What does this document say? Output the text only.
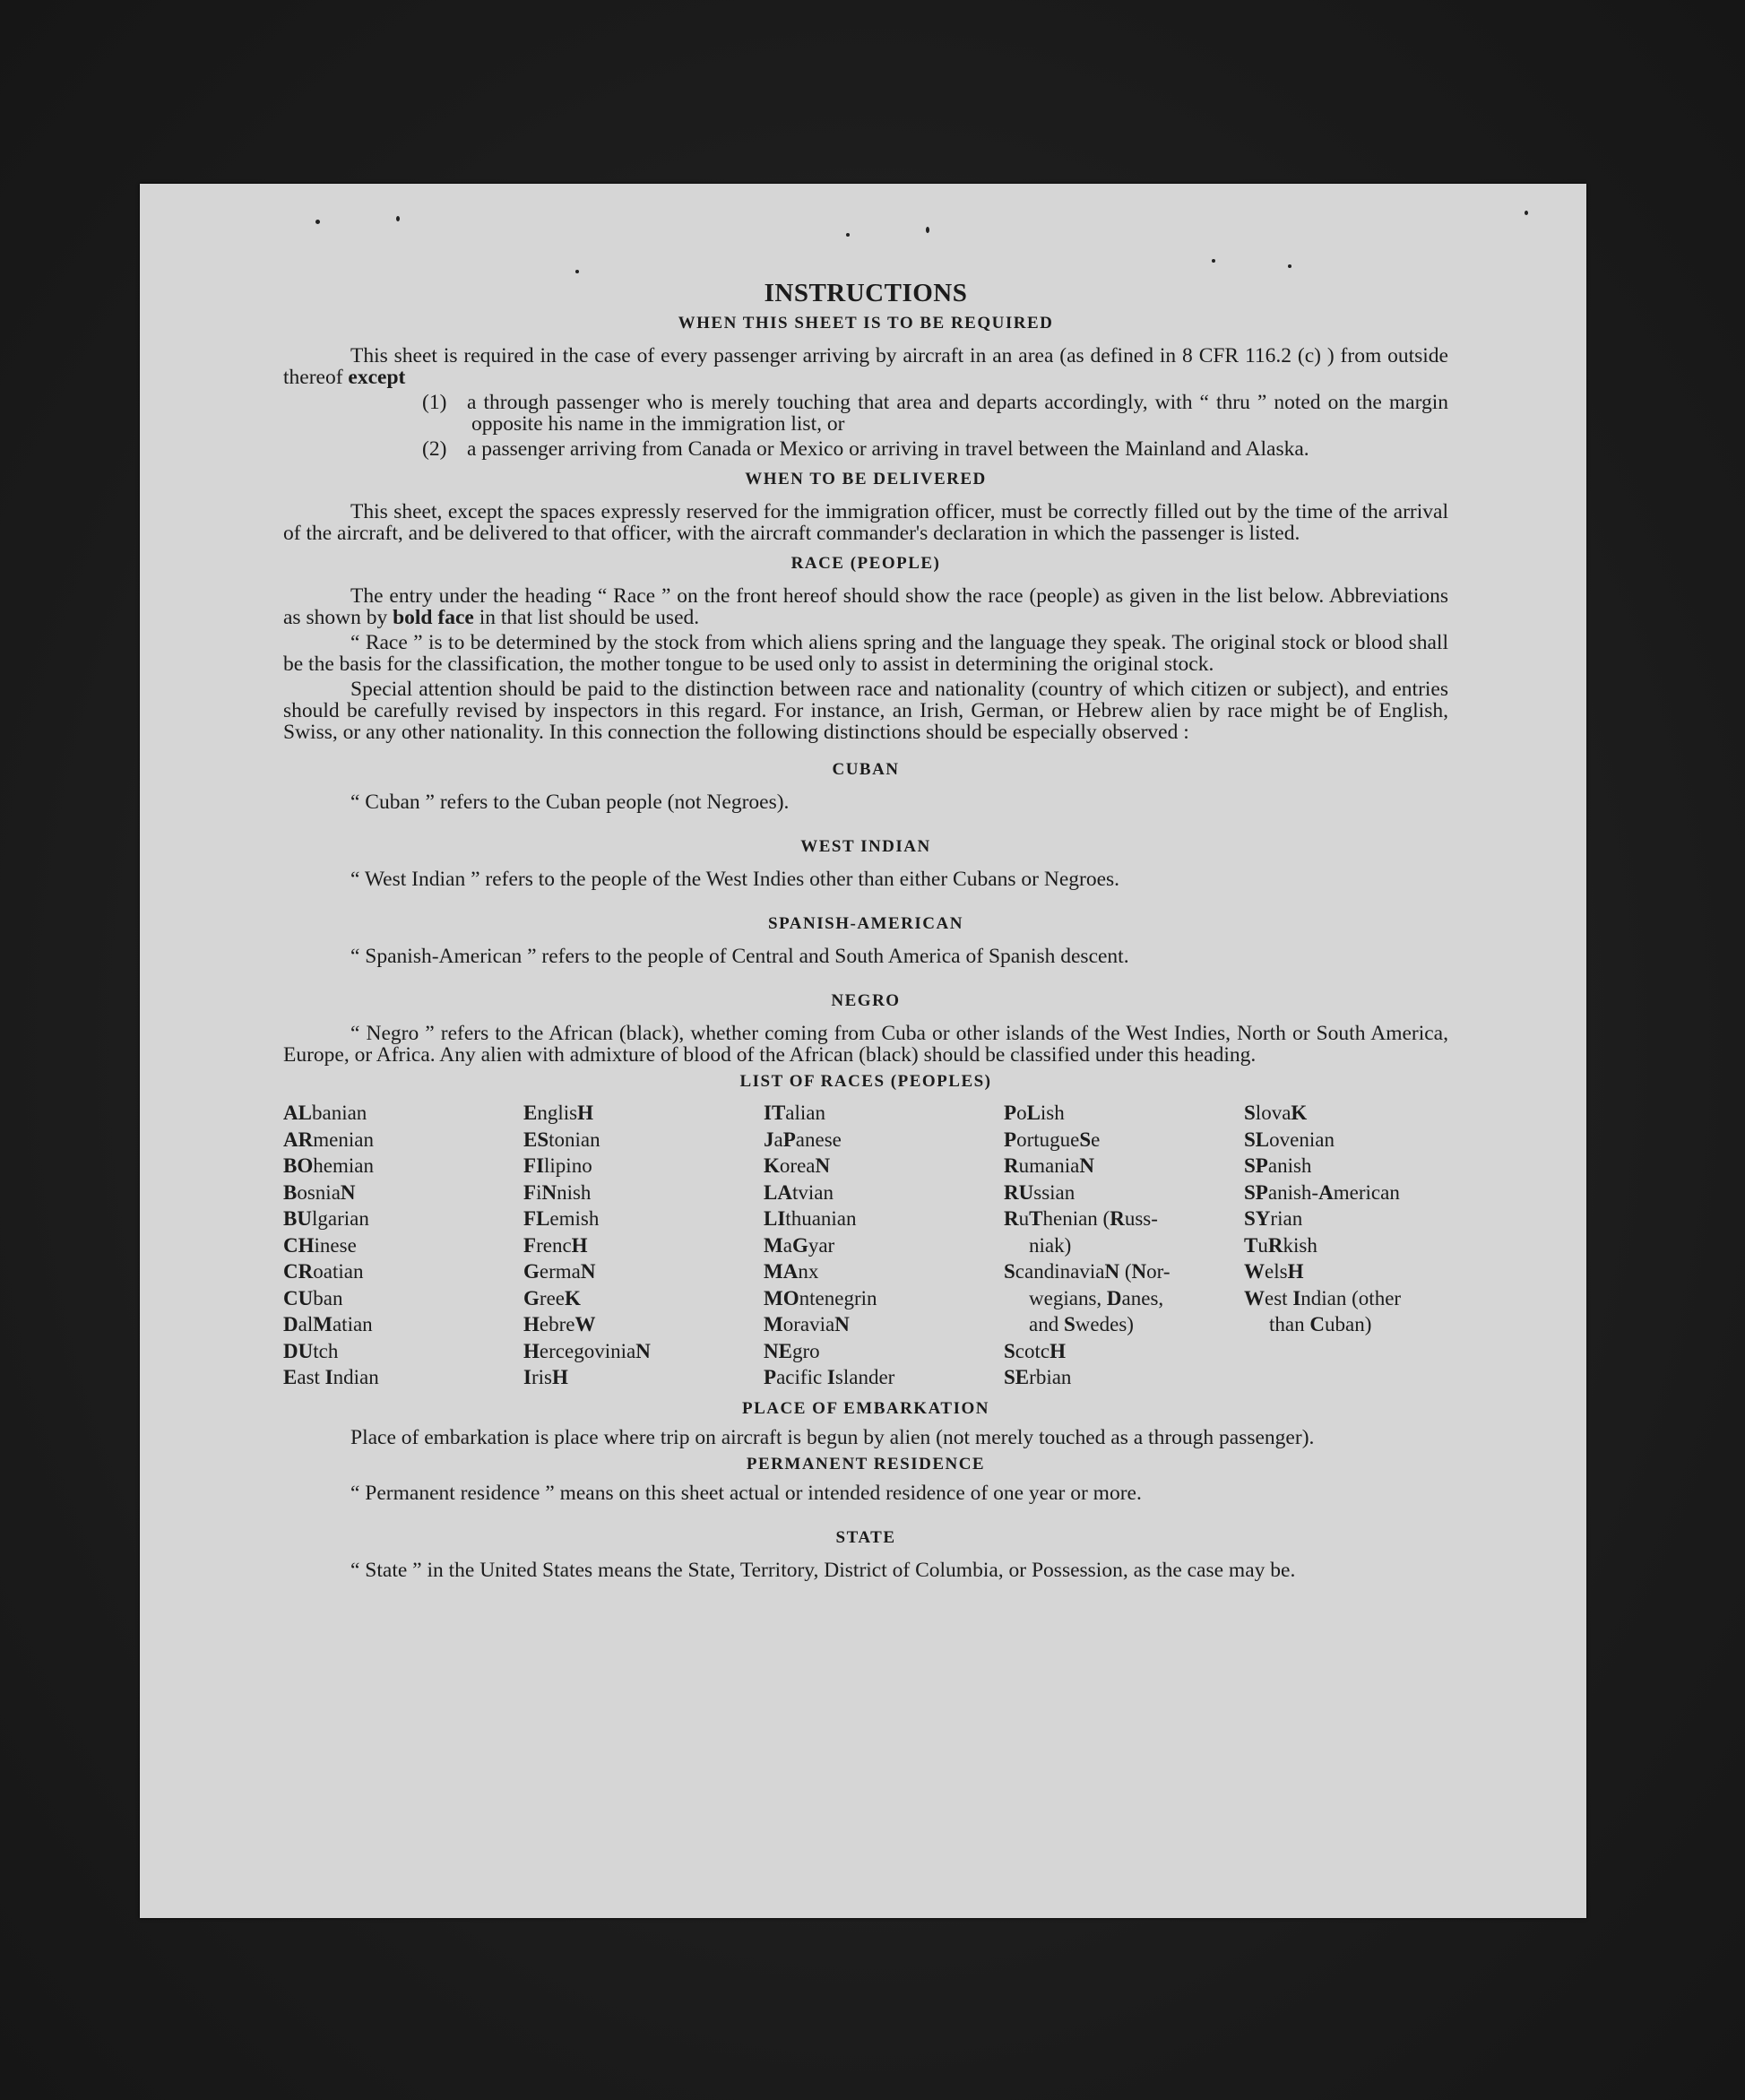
INSTRUCTIONS
WHEN THIS SHEET IS TO BE REQUIRED

This sheet is required in the case of every passenger arriving by aircraft in an area (as defined in 8 CFR 116.2 (c) ) from outside thereof except

(1) a through passenger who is merely touching that area and departs accordingly, with “ thru ” noted on the margin opposite his name in the immigration list, or
(2) a passenger arriving from Canada or Mexico or arriving in travel between the Mainland and Alaska.
WHEN TO BE DELIVERED

This sheet, except the spaces expressly reserved for the immigration officer, must be correctly filled out by the time of the arrival of the aircraft, and be delivered to that officer, with the aircraft commander's declaration in which the passenger is listed.

RACE (PEOPLE)

The entry under the heading “ Race ” on the front hereof should show the race (people) as given in the list below. Abbreviations as shown by bold face in that list should be used.

“ Race ” is to be determined by the stock from which aliens spring and the language they speak. The original stock or blood shall be the basis for the classification, the mother tongue to be used only to assist in determining the original stock.

Special attention should be paid to the distinction between race and nationality (country of which citizen or subject), and entries should be carefully revised by inspectors in this regard. For instance, an Irish, German, or Hebrew alien by race might be of English, Swiss, or any other nationality. In this connection the following distinctions should be especially observed :

CUBAN

“ Cuban ” refers to the Cuban people (not Negroes).

WEST INDIAN

“ West Indian ” refers to the people of the West Indies other than either Cubans or Negroes.

SPANISH-AMERICAN

“ Spanish-American ” refers to the people of Central and South America of Spanish descent.

NEGRO

“ Negro ” refers to the African (black), whether coming from Cuba or other islands of the West Indies, North or South America, Europe, or Africa. Any alien with admixture of blood of the African (black) should be classified under this heading.

LIST OF RACES (PEOPLES)
ALbanian
ARmenian
BOhemian
BosniaN
BUlgarian
CHinese
CRoatian
CUban
DalMatian
DUtch
East Indian
EnglisH
EStonian
FIlipino
FiNnish
FLemish
FrencH
GermaN
GreeK
HebreW
HercegoviniaN
IrisH
ITalian
JaPanese
KoreaN
LAtvian
LIthuanian
MaGyar
MAnx
MOntenegrin
MoraviaN
NEgro
Pacific Islander
PoLish
PortugueSe
RumaniaN
RUssian
RuThenian (Russ-
niak)
ScandinaviaN (Nor-
wegians, Danes,
and Swedes)
ScotcH
SErbian
SlovaK
SLovenian
SPanish
SPanish-American
SYrian
TuRkish
WelsH
West Indian (other
than Cuban)
PLACE OF EMBARKATION

Place of embarkation is place where trip on aircraft is begun by alien (not merely touched as a through passenger).

PERMANENT RESIDENCE

“ Permanent residence ” means on this sheet actual or intended residence of one year or more.

STATE

“ State ” in the United States means the State, Territory, District of Columbia, or Possession, as the case may be.
